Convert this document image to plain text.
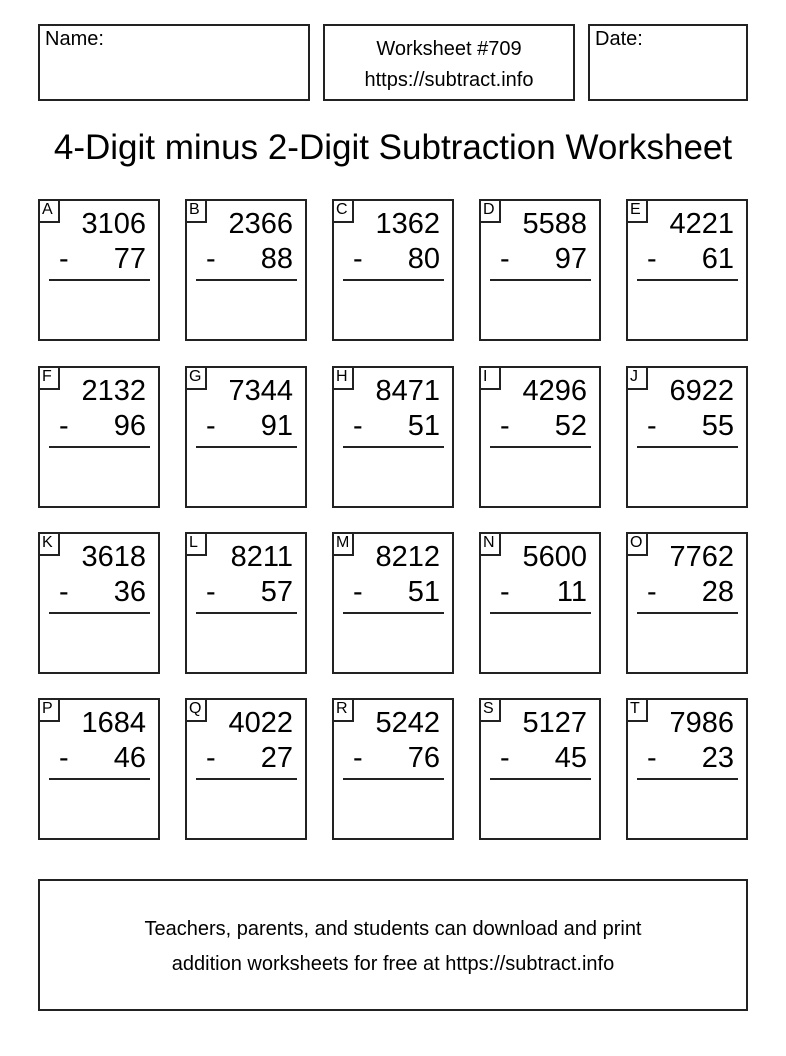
Name:	Worksheet #709
https://subtract.info
Date:
4-Digit minus 2-Digit Subtraction Worksheet
A 3106
- 77
B 2366
- 88
C 1362
- 80
D 5588
- 97
E 4221
- 61
F 2132
- 96
G 7344
- 91
H 8471
- 51
I	4296
- 52
J	6922
- 55
K 3618
- 36
L	8211
- 57
M 8212
- 51
N 5600
- 11
O 7762
- 28
P 1684
- 46
Q 4022
- 27
R 5242
- 76
S 5127
- 45
T 7986
- 23
Teachers, parents, and students can download and print
addition worksheets for free at https://subtract.info
